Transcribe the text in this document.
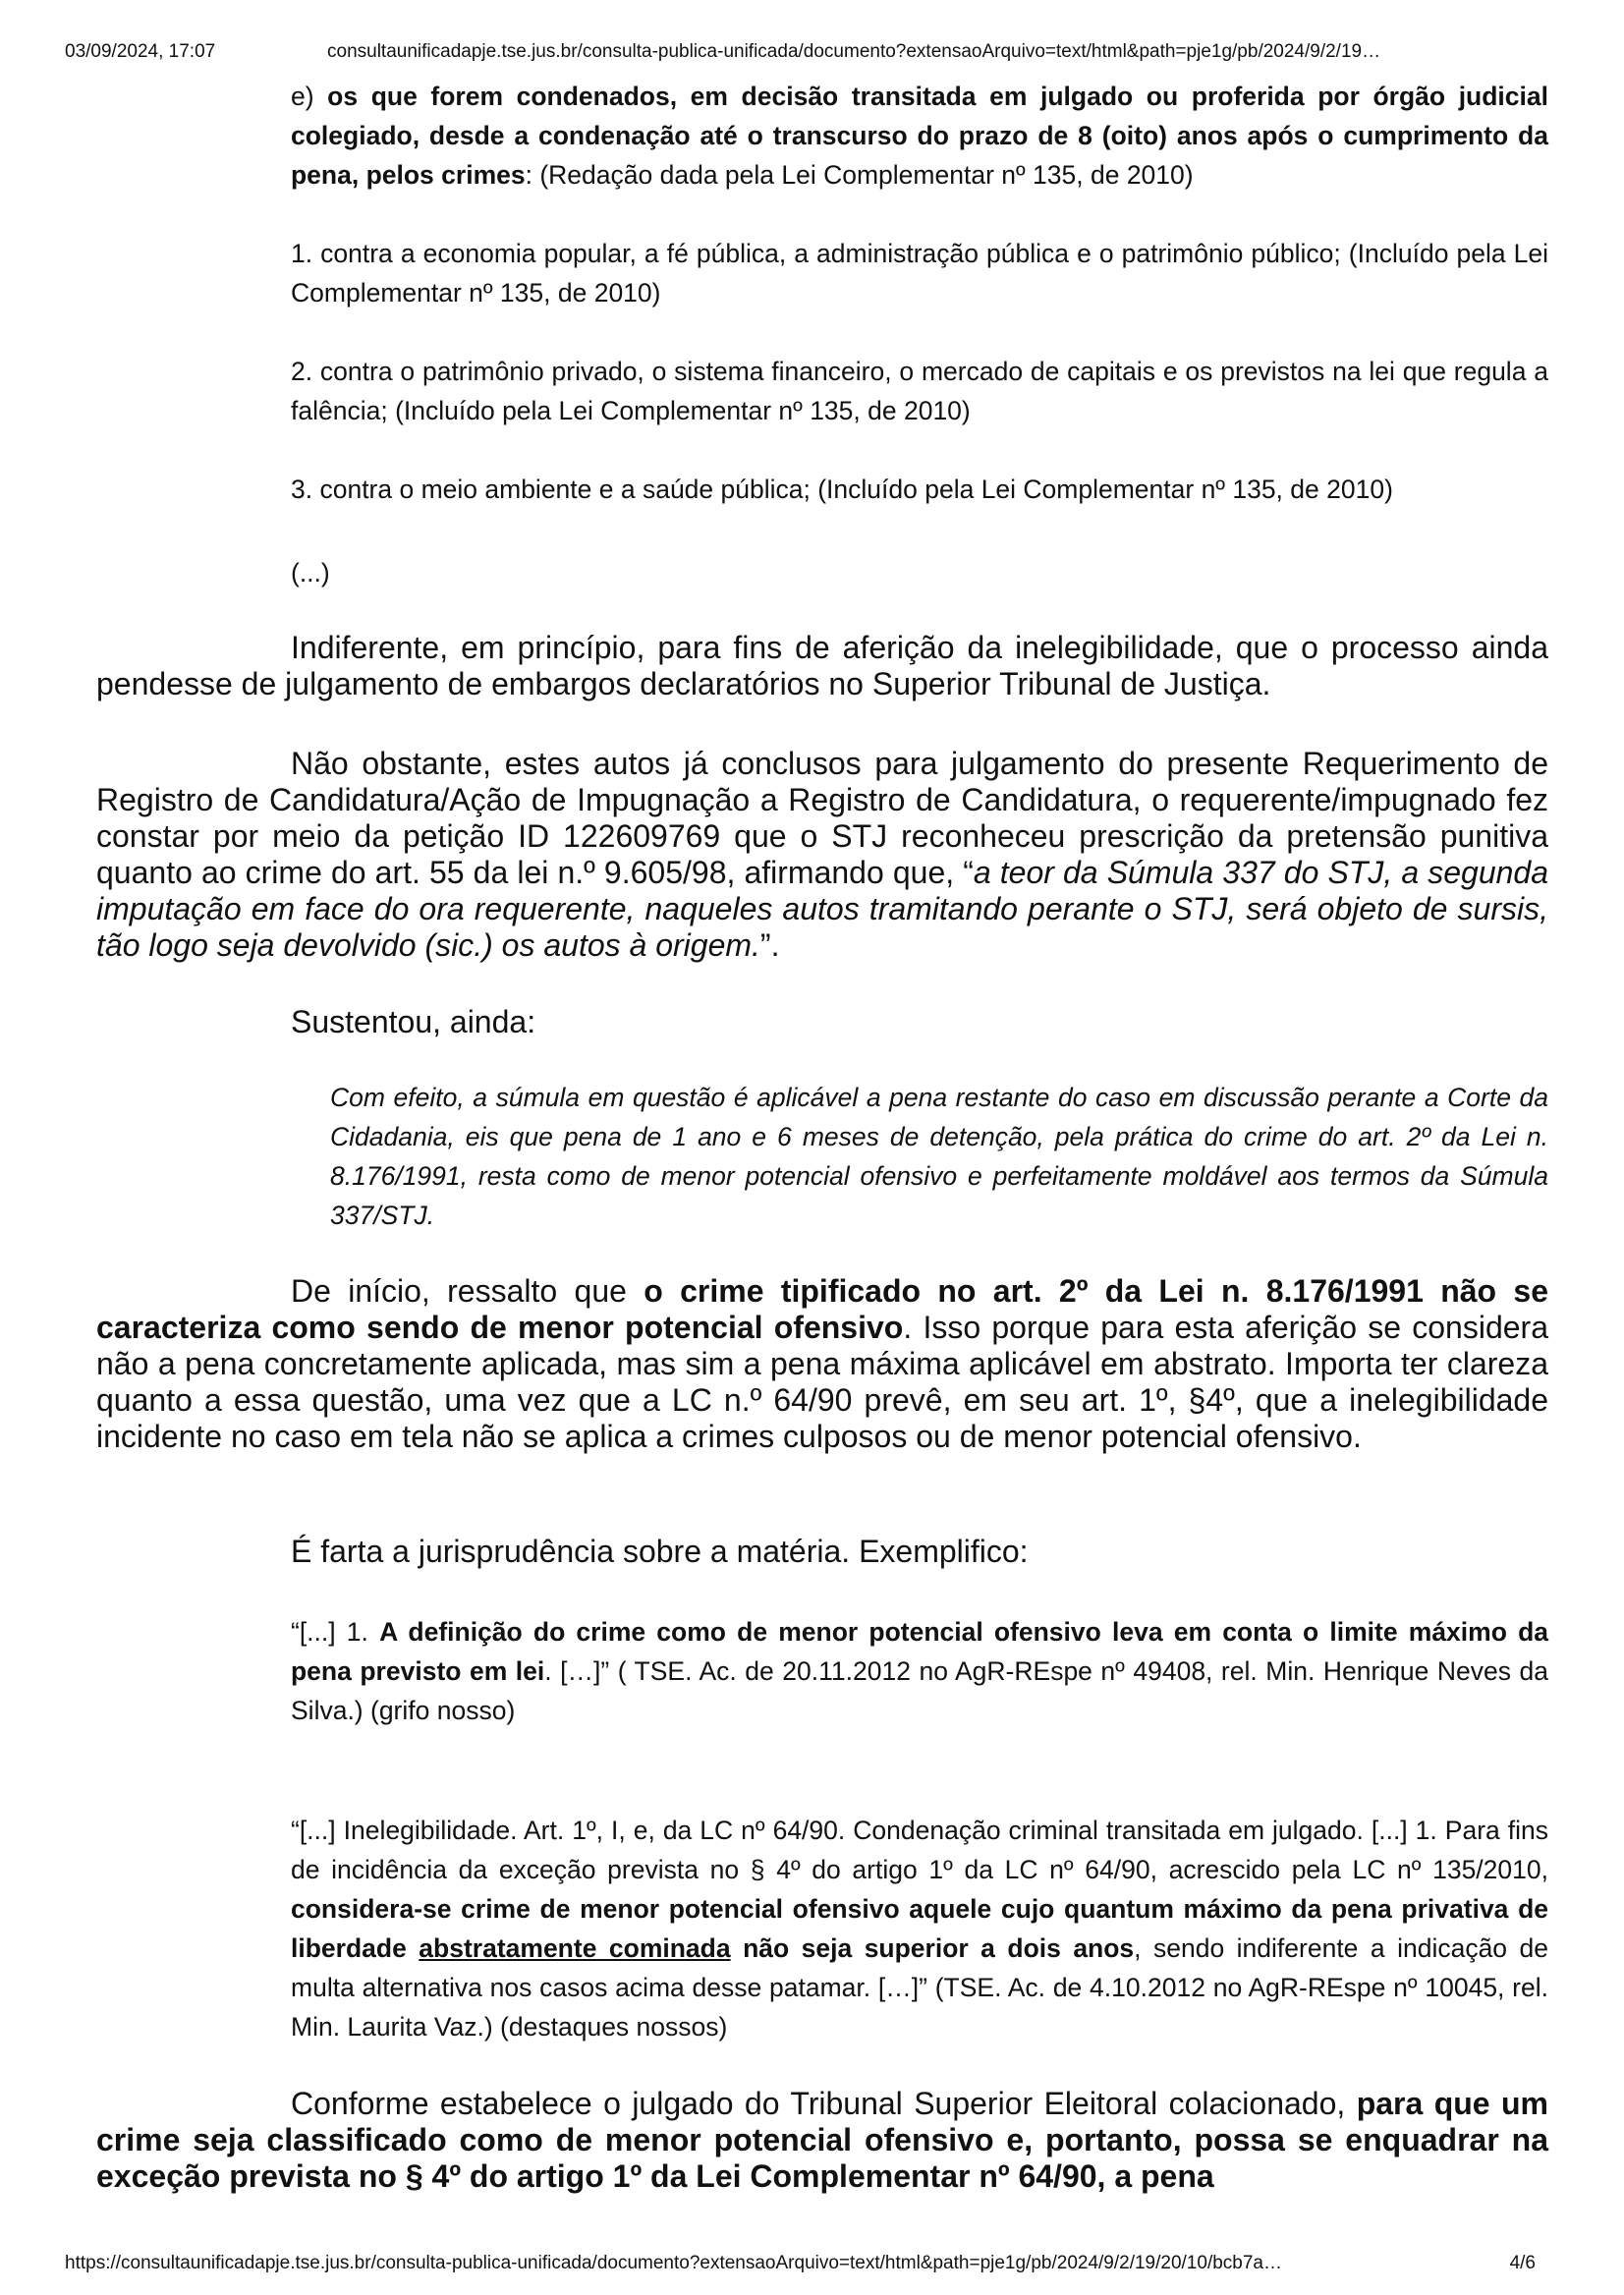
03/09/2024, 17:07	consultaunificadapje.tse.jus.br/consulta-publica-unificada/documento?extensaoArquivo=text/html&path=pje1g/pb/2024/9/2/19…
e) os que forem condenados, em decisão transitada em julgado ou proferida por órgão judicial colegiado, desde a condenação até o transcurso do prazo de 8 (oito) anos após o cumprimento da pena, pelos crimes: (Redação dada pela Lei Complementar nº 135, de 2010)
1. contra a economia popular, a fé pública, a administração pública e o patrimônio público; (Incluído pela Lei Complementar nº 135, de 2010)
2. contra o patrimônio privado, o sistema financeiro, o mercado de capitais e os previstos na lei que regula a falência; (Incluído pela Lei Complementar nº 135, de 2010)
3. contra o meio ambiente e a saúde pública; (Incluído pela Lei Complementar nº 135, de 2010)
(...)
Indiferente, em princípio, para fins de aferição da inelegibilidade, que o processo ainda pendesse de julgamento de embargos declaratórios no Superior Tribunal de Justiça.
Não obstante, estes autos já conclusos para julgamento do presente Requerimento de Registro de Candidatura/Ação de Impugnação a Registro de Candidatura, o requerente/impugnado fez constar por meio da petição ID 122609769 que o STJ reconheceu prescrição da pretensão punitiva quanto ao crime do art. 55 da lei n.º 9.605/98, afirmando que, “a teor da Súmula 337 do STJ, a segunda imputação em face do ora requerente, naqueles autos tramitando perante o STJ, será objeto de sursis, tão logo seja devolvido (sic.) os autos à origem.”.
Sustentou, ainda:
Com efeito, a súmula em questão é aplicável a pena restante do caso em discussão perante a Corte da Cidadania, eis que pena de 1 ano e 6 meses de detenção, pela prática do crime do art. 2º da Lei n. 8.176/1991, resta como de menor potencial ofensivo e perfeitamente moldável aos termos da Súmula 337/STJ.
De início, ressalto que o crime tipificado no art. 2º da Lei n. 8.176/1991 não se caracteriza como sendo de menor potencial ofensivo. Isso porque para esta aferição se considera não a pena concretamente aplicada, mas sim a pena máxima aplicável em abstrato. Importa ter clareza quanto a essa questão, uma vez que a LC n.º 64/90 prevê, em seu art. 1º, §4º, que a inelegibilidade incidente no caso em tela não se aplica a crimes culposos ou de menor potencial ofensivo.
É farta a jurisprudência sobre a matéria. Exemplifico:
“[...] 1. A definição do crime como de menor potencial ofensivo leva em conta o limite máximo da pena previsto em lei. […]” ( TSE. Ac. de 20.11.2012 no AgR-REspe nº 49408, rel. Min. Henrique Neves da Silva.) (grifo nosso)
“[...] Inelegibilidade. Art. 1º, I, e, da LC nº 64/90. Condenação criminal transitada em julgado. [...] 1. Para fins de incidência da exceção prevista no § 4º do artigo 1º da LC nº 64/90, acrescido pela LC nº 135/2010, considera-se crime de menor potencial ofensivo aquele cujo quantum máximo da pena privativa de liberdade abstratamente cominada não seja superior a dois anos, sendo indiferente a indicação de multa alternativa nos casos acima desse patamar. […]” (TSE. Ac. de 4.10.2012 no AgR-REspe nº 10045, rel. Min. Laurita Vaz.) (destaques nossos)
Conforme estabelece o julgado do Tribunal Superior Eleitoral colacionado, para que um crime seja classificado como de menor potencial ofensivo e, portanto, possa se enquadrar na exceção prevista no § 4º do artigo 1º da Lei Complementar nº 64/90, a pena
https://consultaunificadapje.tse.jus.br/consulta-publica-unificada/documento?extensaoArquivo=text/html&path=pje1g/pb/2024/9/2/19/20/10/bcb7a…	4/6
